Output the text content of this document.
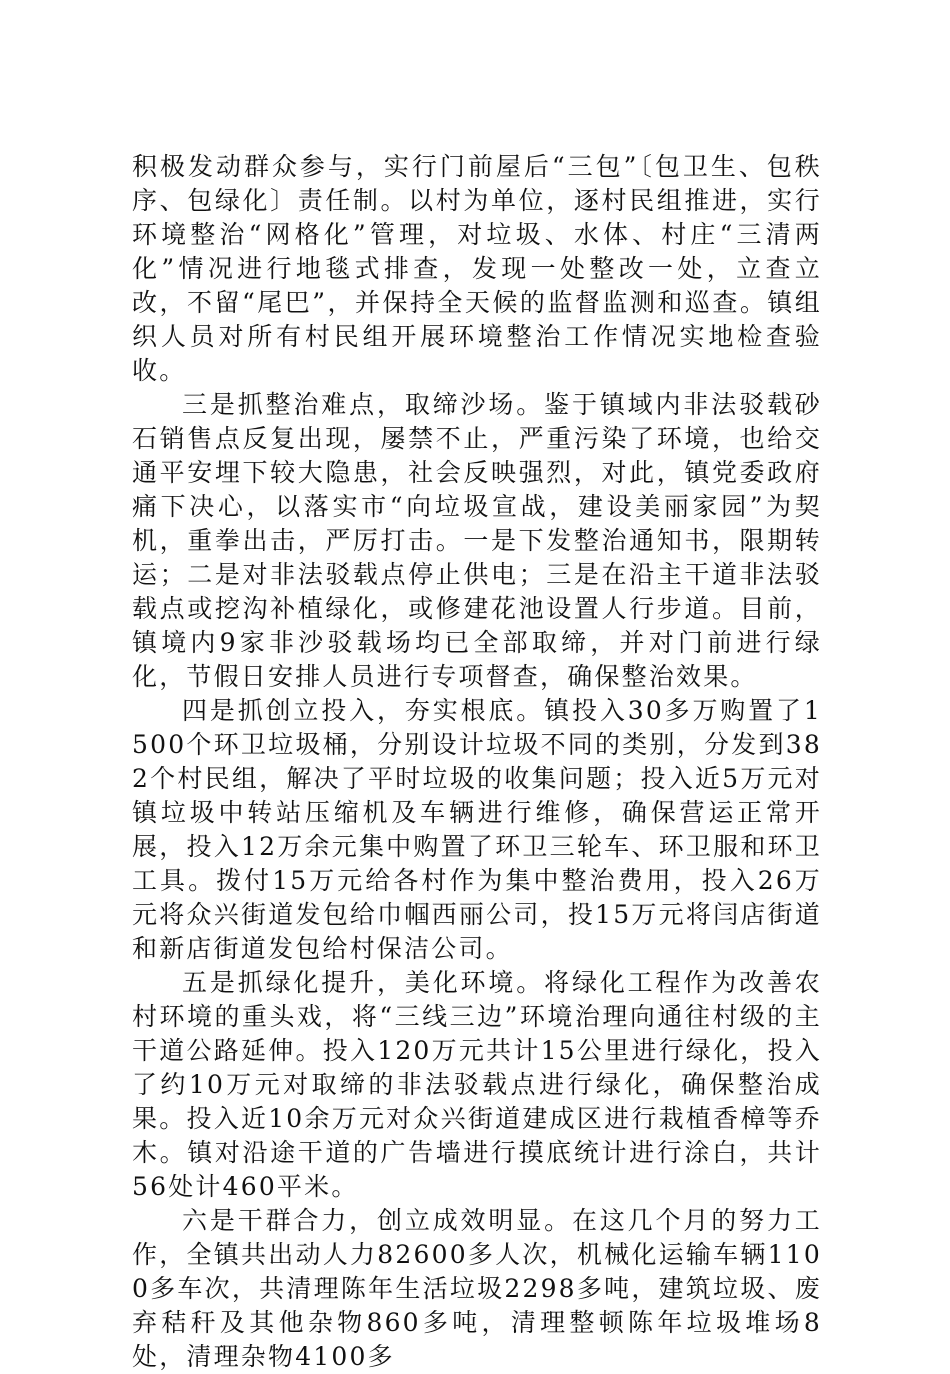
积极发动群众参与，实行门前屋后“三包”〔包卫生、包秩序、包绿化〕责任制。以村为单位，逐村民组推进，实行环境整治“网格化”管理，对垃圾、水体、村庄“三清两化”情况进行地毯式排查，发现一处整改一处，立查立改，不留“尾巴”，并保持全天候的监督监测和巡查。镇组织人员对所有村民组开展环境整治工作情况实地检查验收。

三是抓整治难点，取缔沙场。鉴于镇域内非法驳载砂石销售点反复出现，屡禁不止，严重污染了环境，也给交通平安埋下较大隐患，社会反映强烈，对此，镇党委政府痛下决心，以落实市“向垃圾宣战，建设美丽家园”为契机，重拳出击，严厉打击。一是下发整治通知书，限期转运；二是对非法驳载点停止供电；三是在沿主干道非法驳载点或挖沟补植绿化，或修建花池设置人行步道。目前，镇境内9家非沙驳载场均已全部取缔，并对门前进行绿化，节假日安排人员进行专项督查，确保整治效果。

四是抓创立投入，夯实根底。镇投入30多万购置了1500个环卫垃圾桶，分别设计垃圾不同的类别，分发到382个村民组，解决了平时垃圾的收集问题；投入近5万元对镇垃圾中转站压缩机及车辆进行维修，确保营运正常开展，投入12万余元集中购置了环卫三轮车、环卫服和环卫工具。拨付15万元给各村作为集中整治费用，投入26万元将众兴街道发包给巾帼西丽公司，投15万元将闫店街道和新店街道发包给村保洁公司。

五是抓绿化提升，美化环境。将绿化工程作为改善农村环境的重头戏，将“三线三边”环境治理向通往村级的主干道公路延伸。投入120万元共计15公里进行绿化，投入了约10万元对取缔的非法驳载点进行绿化，确保整治成果。投入近10余万元对众兴街道建成区进行栽植香樟等乔木。镇对沿途干道的广告墙进行摸底统计进行涂白，共计56处计460平米。

六是干群合力，创立成效明显。在这几个月的努力工作，全镇共出动人力82600多人次，机械化运输车辆1100多车次，共清理陈年生活垃圾2298多吨，建筑垃圾、废弃秸秆及其他杂物860多吨，清理整顿陈年垃圾堆场8处，清理杂物4100多
